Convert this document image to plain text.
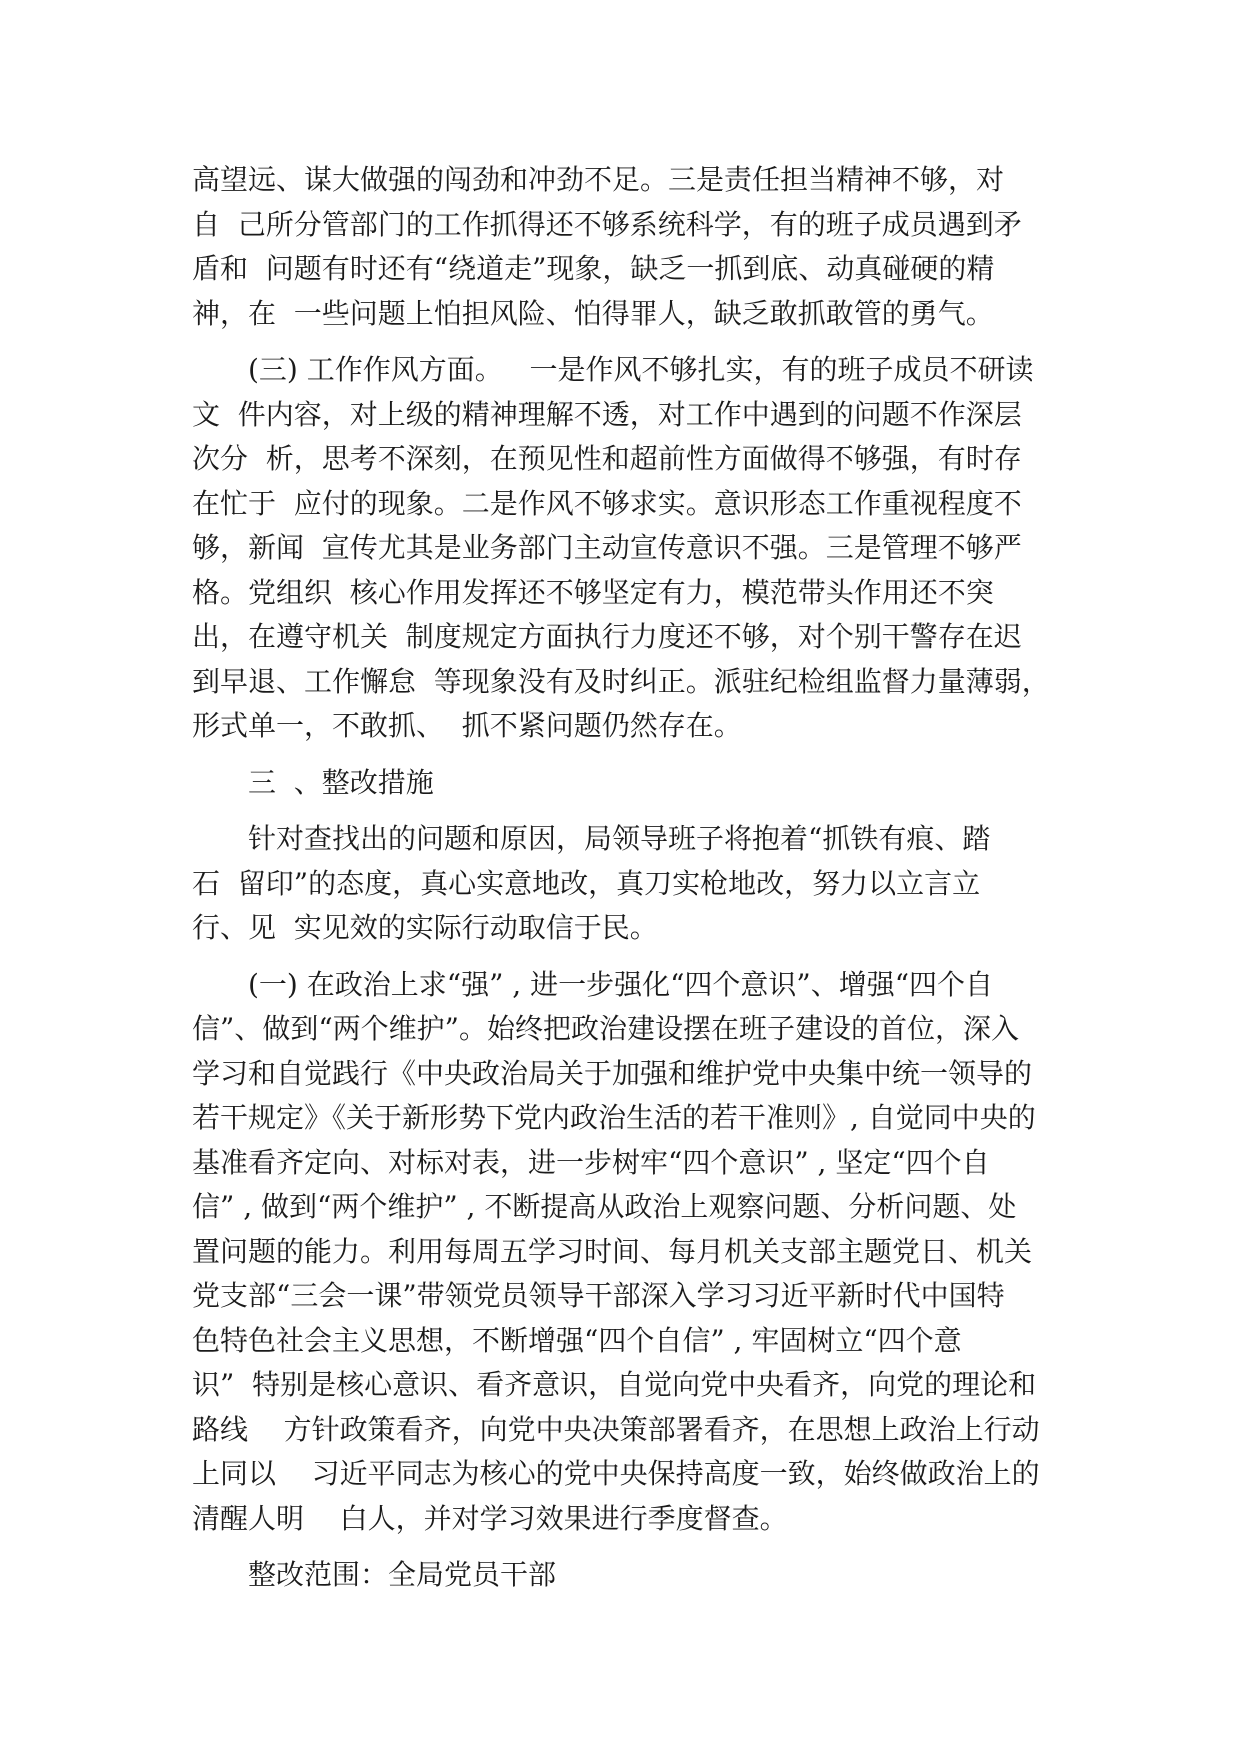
高望远、谋大做强的闯劲和冲劲不足。三是责任担当精神不够，对
自  己所分管部门的工作抓得还不够系统科学，有的班子成员遇到矛
盾和  问题有时还有“绕道走”现象，缺乏一抓到底、动真碰硬的精
神，在  一些问题上怕担风险、怕得罪人，缺乏敢抓敢管的勇气。
(三) 工作作风方面。   一是作风不够扎实，有的班子成员不研读
文  件内容，对上级的精神理解不透，对工作中遇到的问题不作深层
次分  析，思考不深刻，在预见性和超前性方面做得不够强，有时存
在忙于  应付的现象。二是作风不够求实。意识形态工作重视程度不
够，新闻  宣传尤其是业务部门主动宣传意识不强。三是管理不够严
格。党组织  核心作用发挥还不够坚定有力，模范带头作用还不突
出，在遵守机关  制度规定方面执行力度还不够，对个别干警存在迟
到早退、工作懈怠  等现象没有及时纠正。派驻纪检组监督力量薄弱，
形式单一，不敢抓、  抓不紧问题仍然存在。
三  、整改措施
针对查找出的问题和原因，局领导班子将抱着“抓铁有痕、踏
石  留印”的态度，真心实意地改，真刀实枪地改，努力以立言立
行、见  实见效的实际行动取信于民。
(一) 在政治上求“强” , 进一步强化“四个意识”、增强“四个自
信”、做到“两个维护”。始终把政治建设摆在班子建设的首位，深入
学习和自觉践行《中央政治局关于加强和维护党中央集中统一领导的
若干规定》《关于新形势下党内政治生活的若干准则》, 自觉同中央的
基准看齐定向、对标对表，进一步树牢“四个意识” , 坚定“四个自
信” , 做到“两个维护” , 不断提高从政治上观察问题、分析问题、处
置问题的能力。利用每周五学习时间、每月机关支部主题党日、机关
党支部“三会一课”带领党员领导干部深入学习习近平新时代中国特
色特色社会主义思想，不断增强“四个自信” , 牢固树立“四个意
识”  特别是核心意识、看齐意识，自觉向党中央看齐，向党的理论和
路线    方针政策看齐，向党中央决策部署看齐，在思想上政治上行动
上同以    习近平同志为核心的党中央保持高度一致，始终做政治上的
清醒人明    白人，并对学习效果进行季度督查。
整改范围：全局党员干部
